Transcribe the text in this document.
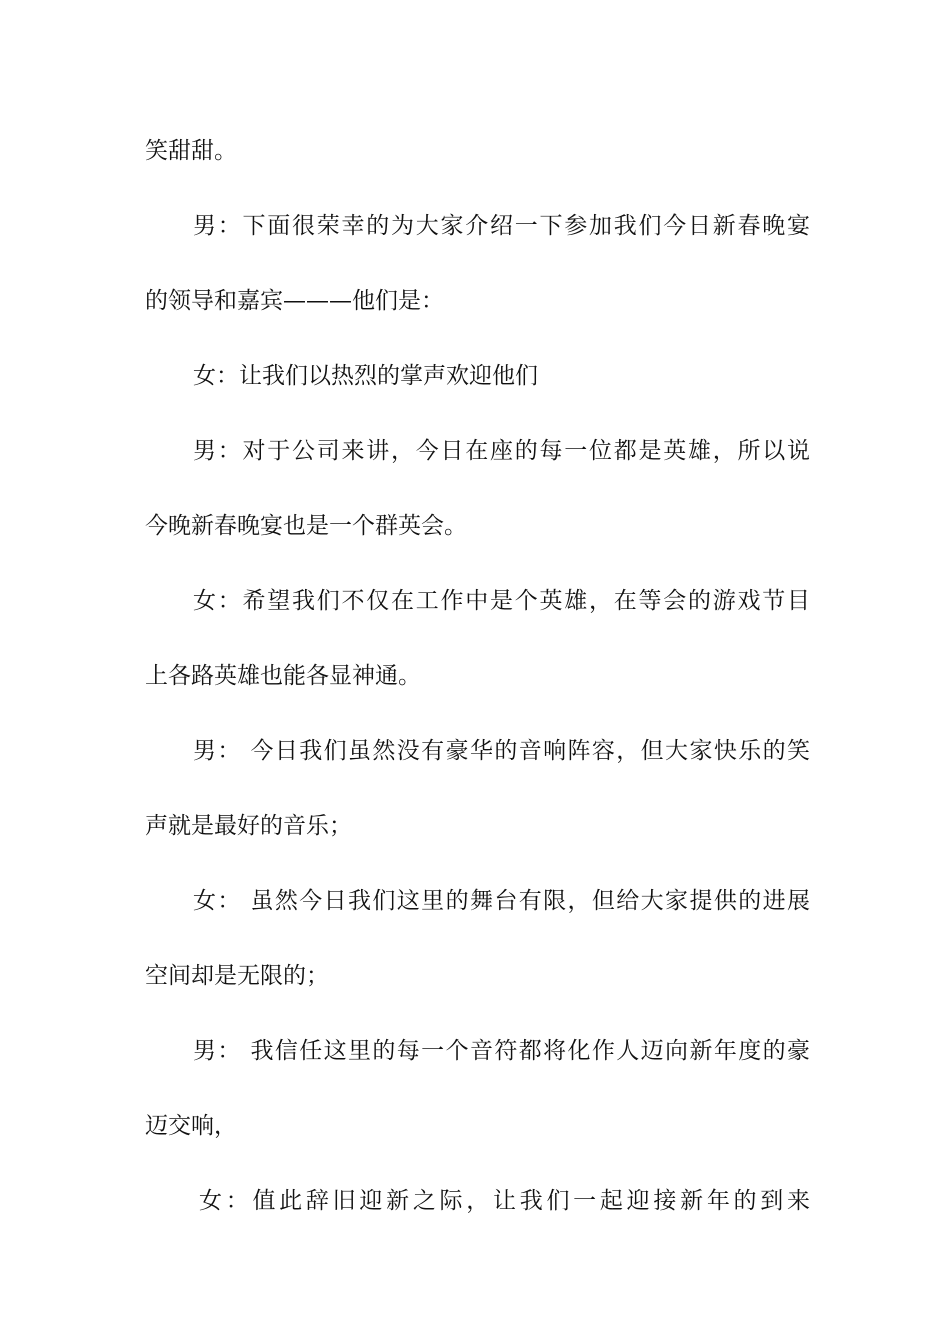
笑甜甜。
男：下面很荣幸的为大家介绍一下参加我们今日新春晚宴
的领导和嘉宾———他们是：
女：让我们以热烈的掌声欢迎他们
男：对于公司来讲，今日在座的每一位都是英雄，所以说
今晚新春晚宴也是一个群英会。
女：希望我们不仅在工作中是个英雄，在等会的游戏节目
上各路英雄也能各显神通。
男： 今日我们虽然没有豪华的音响阵容，但大家快乐的笑
声就是最好的音乐；
女： 虽然今日我们这里的舞台有限，但给大家提供的进展
空间却是无限的；
男： 我信任这里的每一个音符都将化作人迈向新年度的豪
迈交响，
女：值此辞旧迎新之际，让我们一起迎接新年的到来
